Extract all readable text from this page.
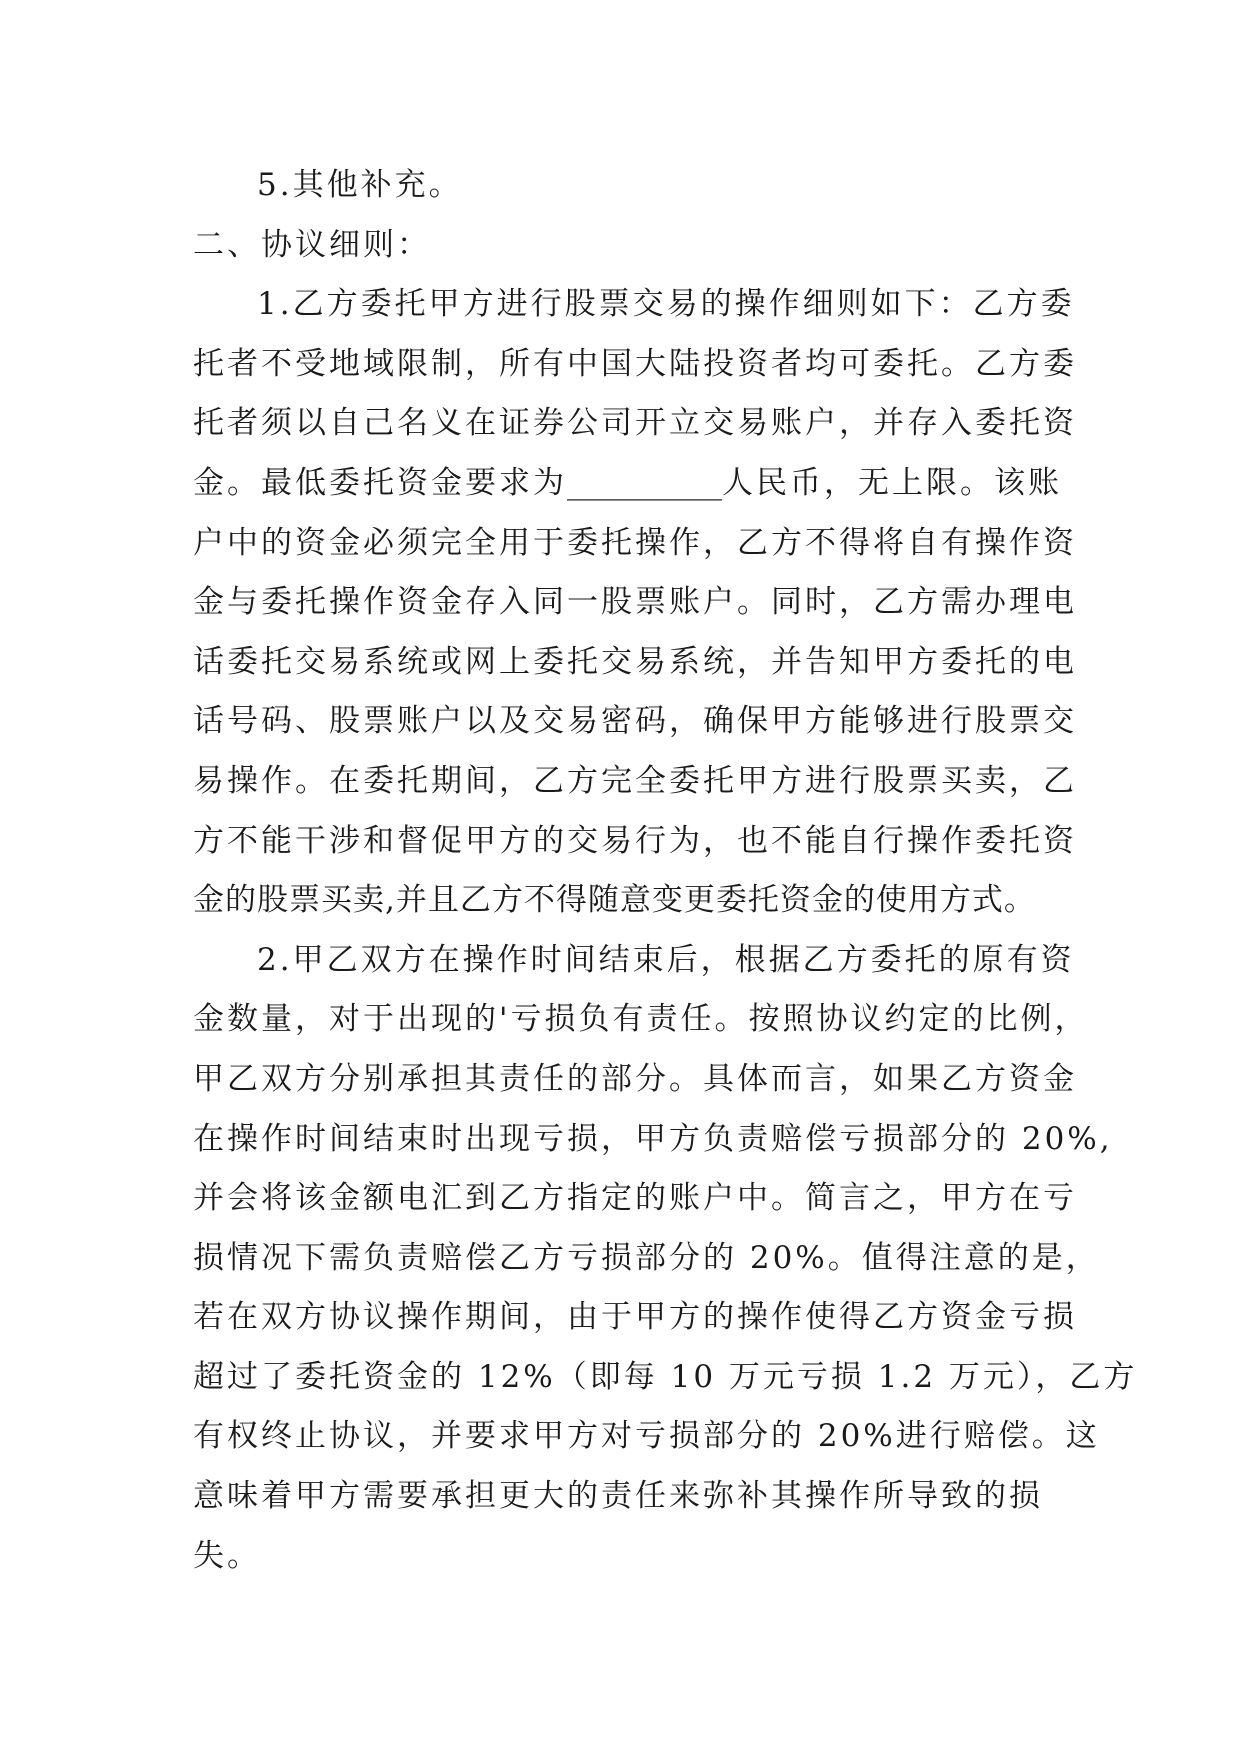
5.其他补充。
二、协议细则：
1.乙方委托甲方进行股票交易的操作细则如下：乙方委
托者不受地域限制，所有中国大陆投资者均可委托。乙方委
托者须以自己名义在证券公司开立交易账户，并存入委托资
金。最低委托资金要求为__________人民币，无上限。该账
户中的资金必须完全用于委托操作，乙方不得将自有操作资
金与委托操作资金存入同一股票账户。同时，乙方需办理电
话委托交易系统或网上委托交易系统，并告知甲方委托的电
话号码、股票账户以及交易密码，确保甲方能够进行股票交
易操作。在委托期间，乙方完全委托甲方进行股票买卖，乙
方不能干涉和督促甲方的交易行为，也不能自行操作委托资
金的股票买卖,并且乙方不得随意变更委托资金的使用方式。
2.甲乙双方在操作时间结束后，根据乙方委托的原有资
金数量，对于出现的'亏损负有责任。按照协议约定的比例，
甲乙双方分别承担其责任的部分。具体而言，如果乙方资金
在操作时间结束时出现亏损，甲方负责赔偿亏损部分的 20%,
并会将该金额电汇到乙方指定的账户中。简言之，甲方在亏
损情况下需负责赔偿乙方亏损部分的 20%。值得注意的是，
若在双方协议操作期间，由于甲方的操作使得乙方资金亏损
超过了委托资金的 12%（即每 10 万元亏损 1.2 万元），乙方
有权终止协议，并要求甲方对亏损部分的 20%进行赔偿。这
意味着甲方需要承担更大的责任来弥补其操作所导致的损
失。
